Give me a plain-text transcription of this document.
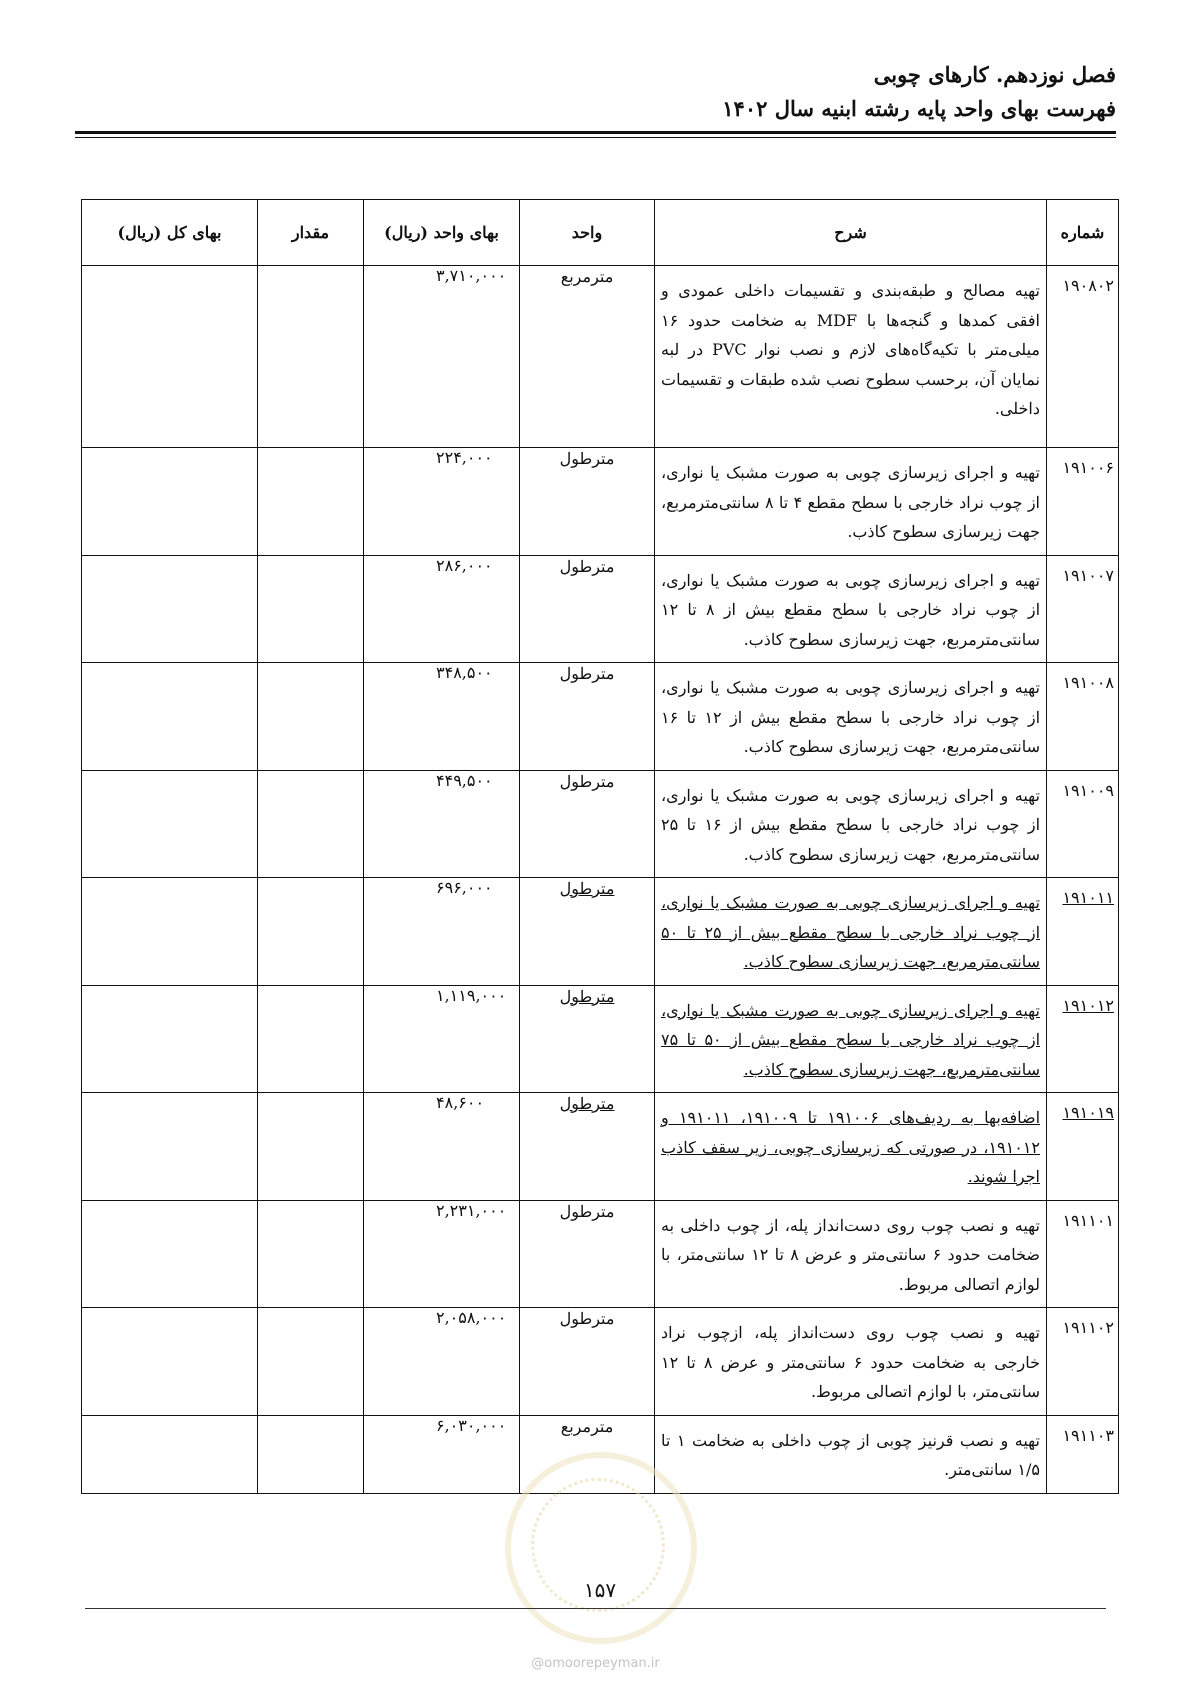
فصل نوزدهم. کارهای چوبی
فهرست بهای واحد پایه رشته ابنیه سال ۱۴۰۲
شماره	شرح	واحد	بهای واحد (ریال)	مقدار	بهای کل (ریال)
۱۹۰۸۰۲	تهیه مصالح و طبقه‌بندی و تقسیمات داخلی عمودی و افقی کمدها و گنجه‌ها با MDF به ضخامت حدود ۱۶ میلی‌متر با تکیه‌گاه‌های لازم و نصب نوار PVC در لبه نمایان آن، برحسب سطوح نصب شده طبقات و تقسیمات داخلی.	مترمربع	۳,۷۱۰,۰۰۰		
۱۹۱۰۰۶	تهیه و اجرای زیرسازی چوبی به صورت مشبک یا نواری، از چوب نراد خارجی با سطح مقطع ۴ تا ۸ سانتی‌مترمربع، جهت زیرسازی سطوح کاذب.	مترطول	۲۲۴,۰۰۰		
۱۹۱۰۰۷	تهیه و اجرای زیرسازی چوبی به صورت مشبک یا نواری، از چوب نراد خارجی با سطح مقطع بیش از ۸ تا ۱۲ سانتی‌مترمربع، جهت زیرسازی سطوح کاذب.	مترطول	۲۸۶,۰۰۰		
۱۹۱۰۰۸	تهیه و اجرای زیرسازی چوبی به صورت مشبک یا نواری، از چوب نراد خارجی با سطح مقطع بیش از ۱۲ تا ۱۶ سانتی‌مترمربع، جهت زیرسازی سطوح کاذب.	مترطول	۳۴۸,۵۰۰		
۱۹۱۰۰۹	تهیه و اجرای زیرسازی چوبی به صورت مشبک یا نواری، از چوب نراد خارجی با سطح مقطع بیش از ۱۶ تا ۲۵ سانتی‌مترمربع، جهت زیرسازی سطوح کاذب.	مترطول	۴۴۹,۵۰۰		
۱۹۱۰۱۱	تهیه و اجرای زیرسازی چوبی به صورت مشبک یا نواری، از چوب نراد خارجی با سطح مقطع بیش از ۲۵ تا ۵۰ سانتی‌مترمربع، جهت زیرسازی سطوح کاذب.	مترطول	۶۹۶,۰۰۰		
۱۹۱۰۱۲	تهیه و اجرای زیرسازی چوبی به صورت مشبک یا نواری، از چوب نراد خارجی با سطح مقطع بیش از ۵۰ تا ۷۵ سانتی‌مترمربع، جهت زیرسازی سطوح کاذب.	مترطول	۱,۱۱۹,۰۰۰		
۱۹۱۰۱۹	اضافه‌بها به ردیف‌های ۱۹۱۰۰۶ تا ۱۹۱۰۰۹، ۱۹۱۰۱۱ و ۱۹۱۰۱۲، در صورتی که زیرسازی چوبی، زیر سقف کاذب اجرا شوند.	مترطول	۴۸,۶۰۰		
۱۹۱۱۰۱	تهیه و نصب چوب روی دست‌انداز پله، از چوب داخلی به ضخامت حدود ۶ سانتی‌متر و عرض ۸ تا ۱۲ سانتی‌متر، با لوازم اتصالی مربوط.	مترطول	۲,۲۳۱,۰۰۰		
۱۹۱۱۰۲	تهیه و نصب چوب روی دست‌انداز پله، ازچوب نراد خارجی به ضخامت حدود ۶ سانتی‌متر و عرض ۸ تا ۱۲ سانتی‌متر، با لوازم اتصالی مربوط.	مترطول	۲,۰۵۸,۰۰۰		
۱۹۱۱۰۳	تهیه و نصب قرنیز چوبی از چوب داخلی به ضخامت ۱ تا ۱/۵ سانتی‌متر.	مترمربع	۶,۰۳۰,۰۰۰		
۱۵۷
@omoorepeyman.ir
